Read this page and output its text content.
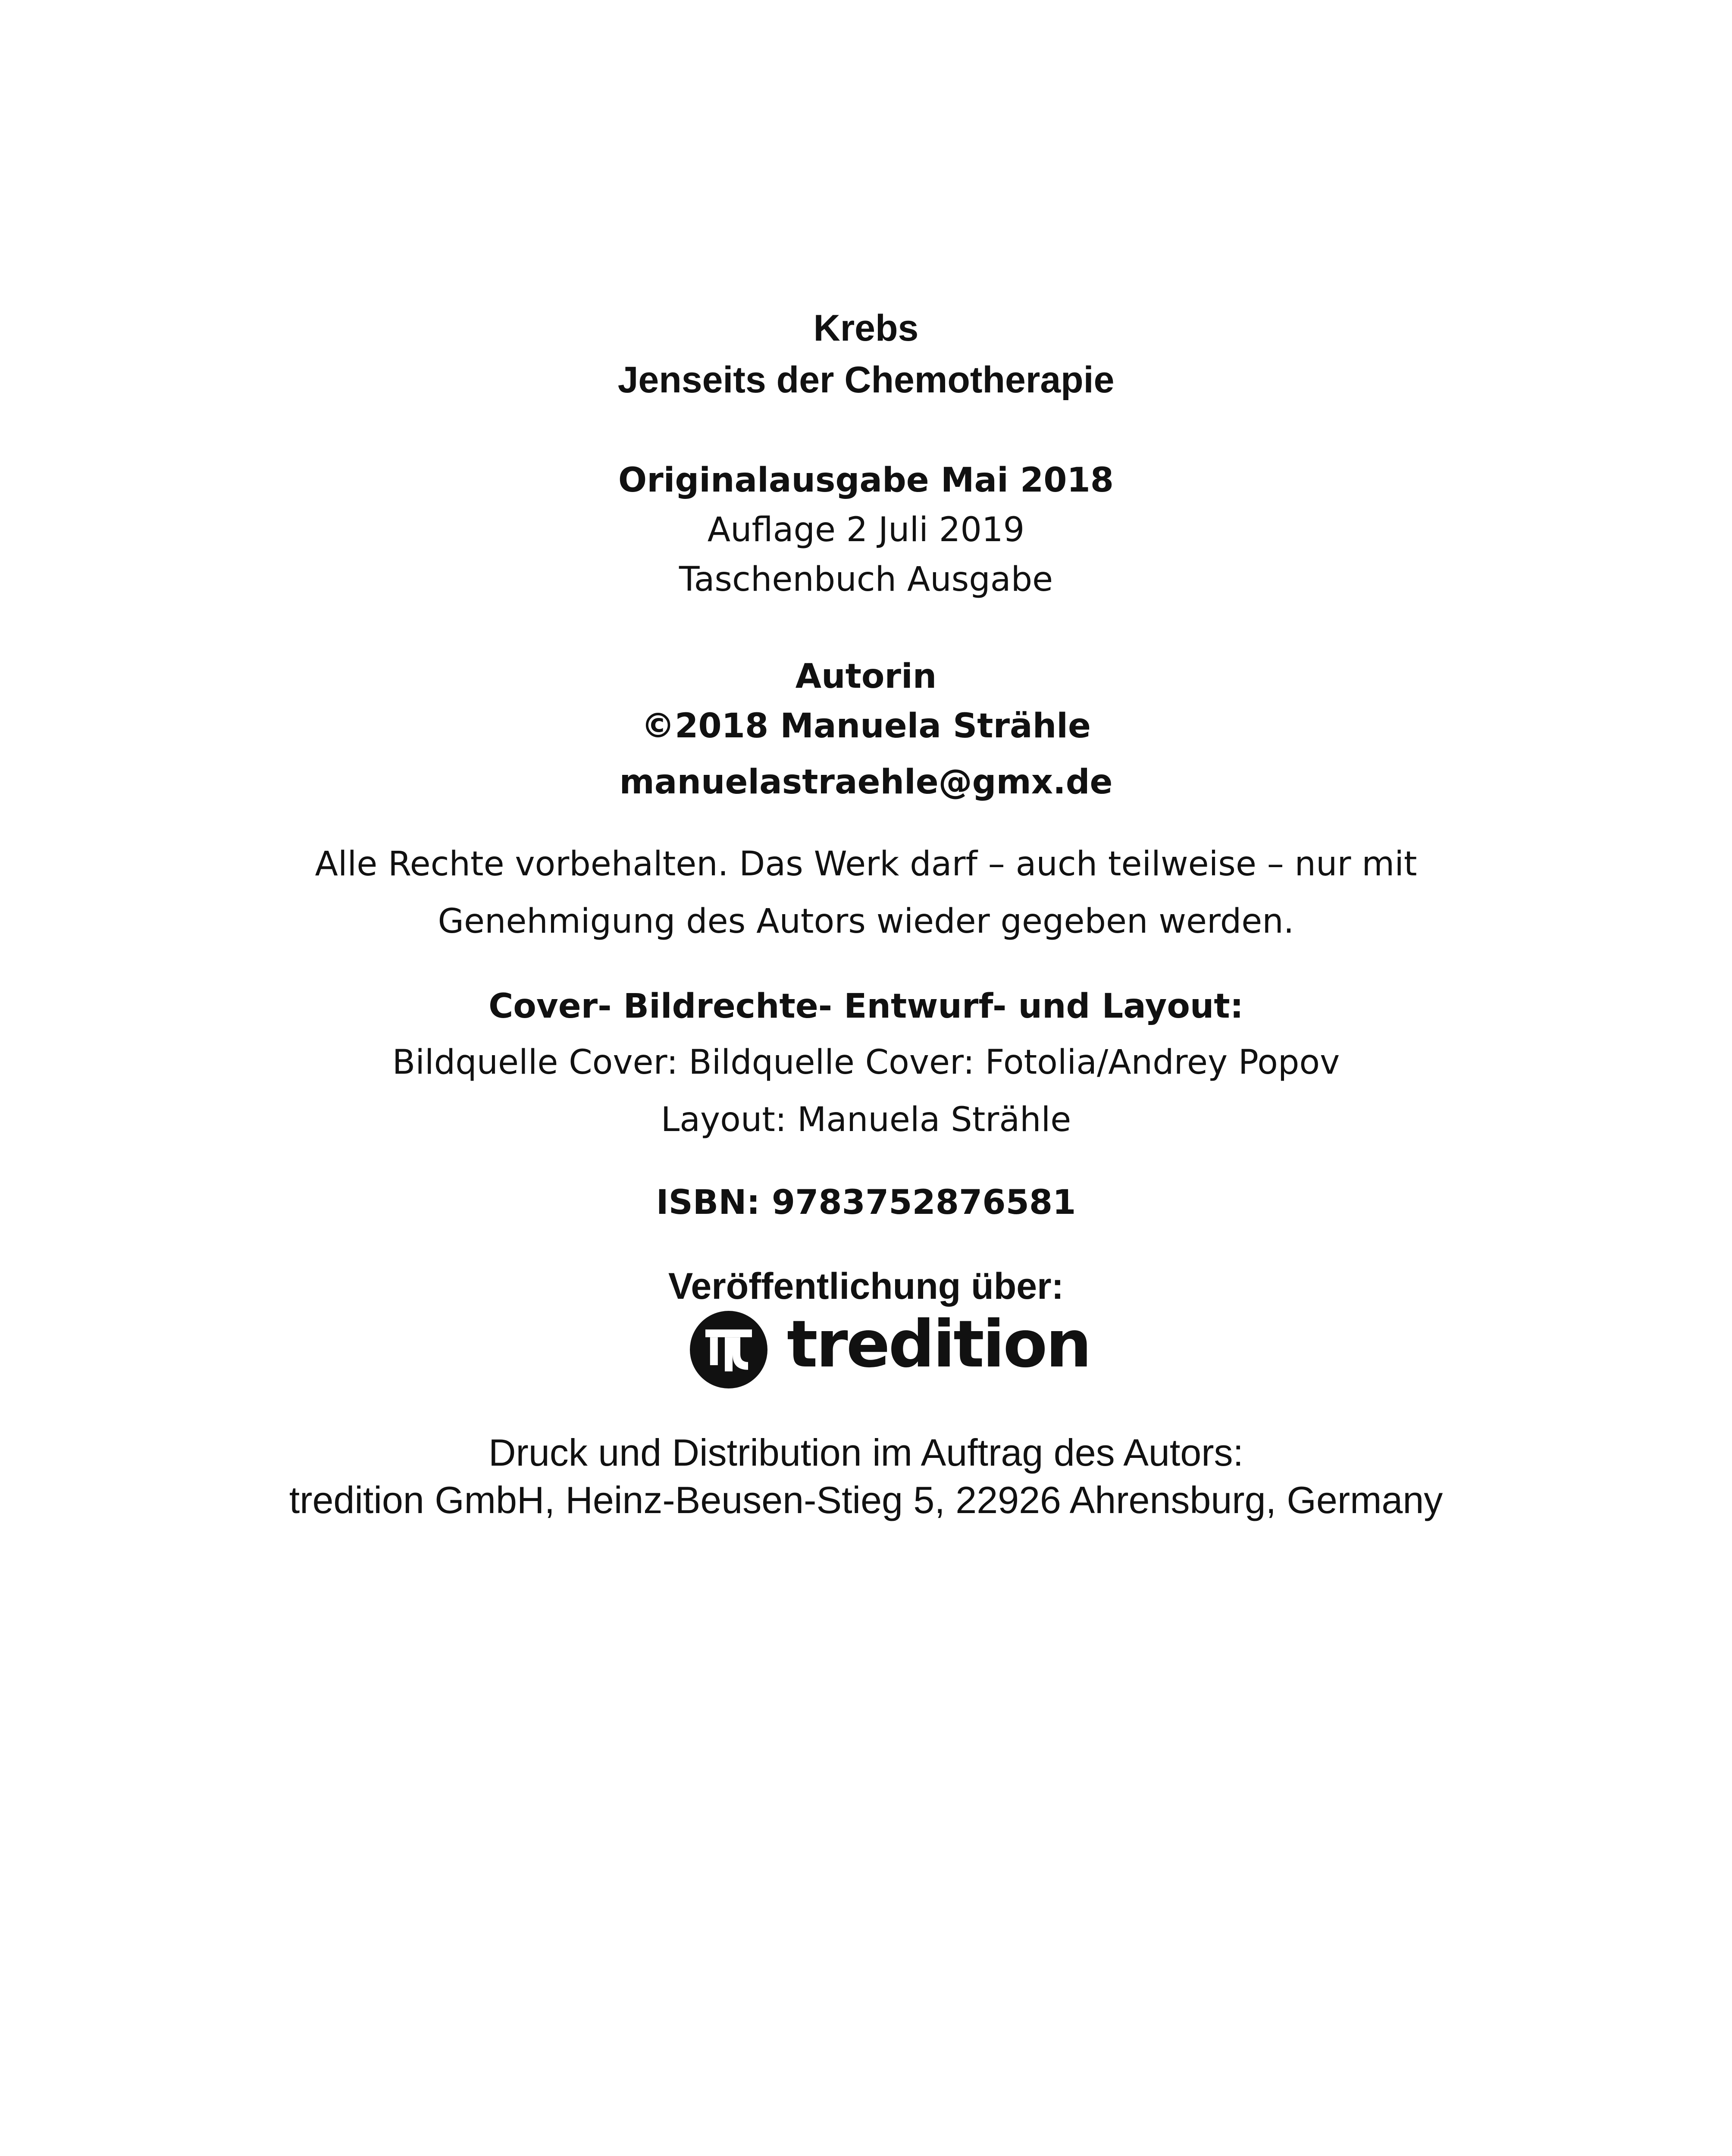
Krebs
Jenseits der Chemotherapie
Originalausgabe Mai 2018
Auflage 2 Juli 2019
Taschenbuch Ausgabe
Autorin
©2018 Manuela Strähle
manuelastraehle@gmx.de
Alle Rechte vorbehalten. Das Werk darf – auch teilweise – nur mit
Genehmigung des Autors wieder gegeben werden.
Cover- Bildrechte- Entwurf- und Layout:
Bildquelle Cover: Bildquelle Cover: Fotolia/Andrey Popov
Layout: Manuela Strähle
ISBN: 9783752876581
Veröffentlichung über:
tredition
Druck und Distribution im Auftrag des Autors:
tredition GmbH, Heinz-Beusen-Stieg 5, 22926 Ahrensburg, Germany
